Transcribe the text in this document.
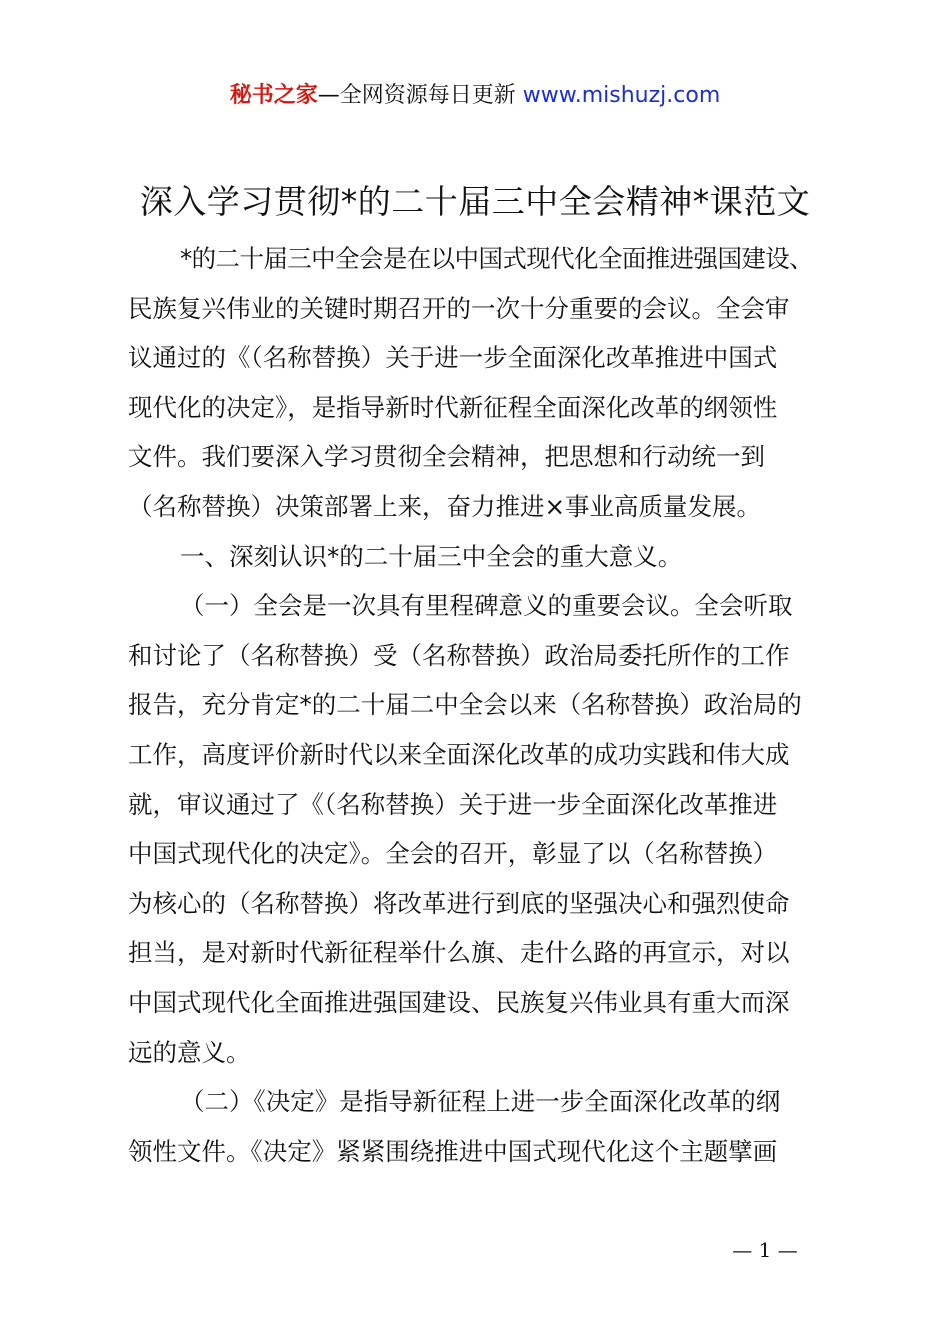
秘书之家—全网资源每日更新 www.mishuzj.com
深入学习贯彻*的二十届三中全会精神*课范文
*的二十届三中全会是在以中国式现代化全面推进强国建设、
民族复兴伟业的关键时期召开的一次十分重要的会议。全会审
议通过的《（名称替换）关于进一步全面深化改革推进中国式
现代化的决定》，是指导新时代新征程全面深化改革的纲领性
文件。我们要深入学习贯彻全会精神，把思想和行动统一到
（名称替换）决策部署上来，奋力推进×事业高质量发展。
一、深刻认识*的二十届三中全会的重大意义。
（一）全会是一次具有里程碑意义的重要会议。全会听取
和讨论了（名称替换）受（名称替换）政治局委托所作的工作
报告，充分肯定*的二十届二中全会以来（名称替换）政治局的
工作，高度评价新时代以来全面深化改革的成功实践和伟大成
就，审议通过了《（名称替换）关于进一步全面深化改革推进
中国式现代化的决定》。全会的召开，彰显了以（名称替换）
为核心的（名称替换）将改革进行到底的坚强决心和强烈使命
担当，是对新时代新征程举什么旗、走什么路的再宣示，对以
中国式现代化全面推进强国建设、民族复兴伟业具有重大而深
远的意义。
（二）《决定》是指导新征程上进一步全面深化改革的纲
领性文件。《决定》紧紧围绕推进中国式现代化这个主题擘画
— 1 —
